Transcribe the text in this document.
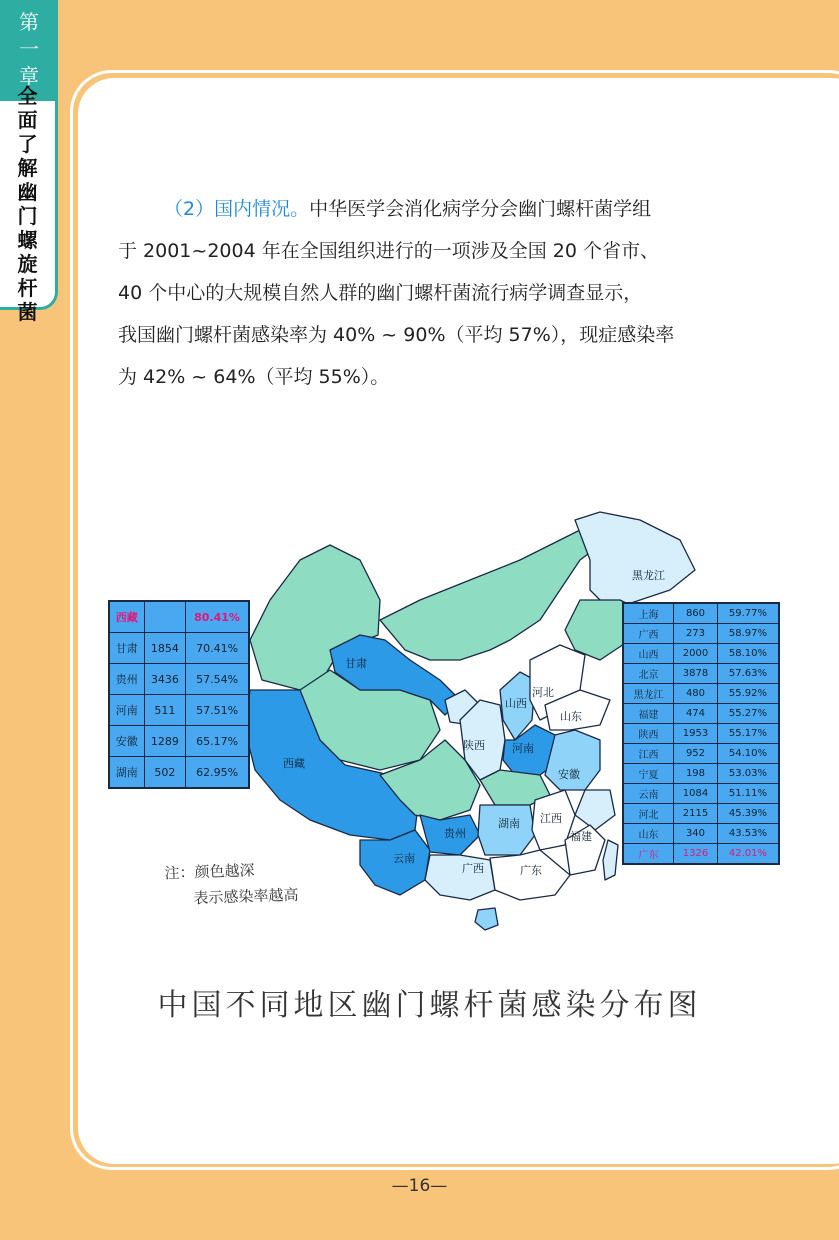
第
一
章
全
面
了
解
幽
门
螺
旋
杆
菌
（2）国内情况。中华医学会消化病学分会幽门螺杆菌学组
于 2001~2004 年在全国组织进行的一项涉及全国 20 个省市、
40 个中心的大规模自然人群的幽门螺杆菌流行病学调查显示，
我国幽门螺杆菌感染率为 40% ~ 90%（平均 57%），现症感染率
为 42% ~ 64%（平均 55%）。
黑龙江
甘肃
西藏
山西
河北
山东
陕西 河南
安徽
贵州
湖南 江西
福建
云南
广西	广东
西藏		80.41%
甘肃	1854	70.41%
贵州	3436	57.54%
河南	511	57.51%
安徽	1289	65.17%
湖南	502	62.95%
上海	860	59.77%
广西	273	58.97%
山西	2000	58.10%
北京	3878	57.63%
黑龙江	480	55.92%
福建	474	55.27%
陕西	1953	55.17%
江西	952	54.10%
宁夏	198	53.03%
云南	1084	51.11%
河北	2115	45.39%
山东	340	43.53%
广东	1326	42.01%
注：颜色越深
表示感染率越高
中国不同地区幽门螺杆菌感染分布图
—16—
